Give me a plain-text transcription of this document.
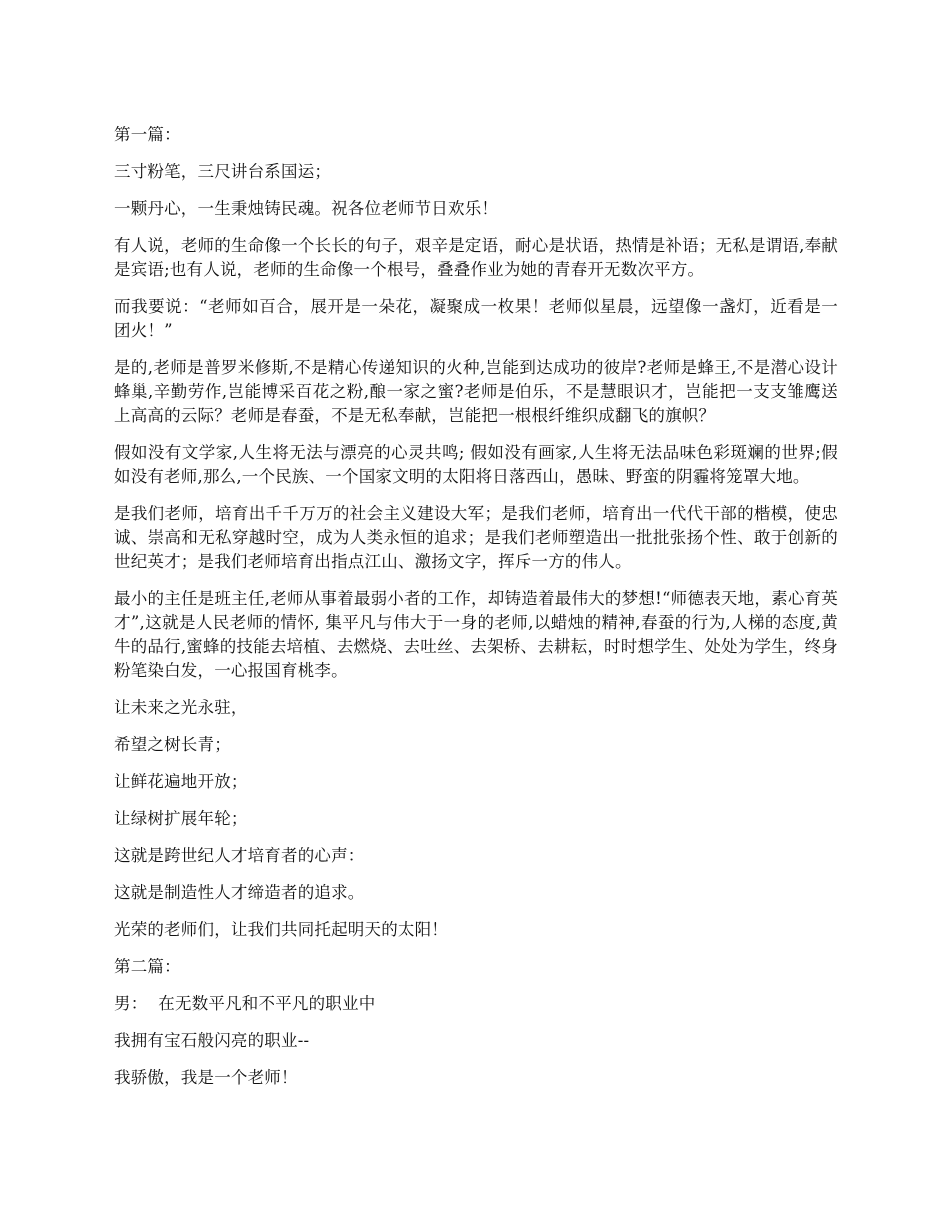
第一篇：

三寸粉笔，三尺讲台系国运；

一颗丹心，一生秉烛铸民魂。祝各位老师节日欢乐！

有人说，老师的生命像一个长长的句子，艰辛是定语，耐心是状语，热情是补语；无私是谓语,奉献是宾语;也有人说，老师的生命像一个根号，叠叠作业为她的青春开无数次平方。

而我要说：“老师如百合，展开是一朵花，凝聚成一枚果！老师似星晨，远望像一盏灯，近看是一团火！”

是的,老师是普罗米修斯,不是精心传递知识的火种,岂能到达成功的彼岸?老师是蜂王,不是潜心设计蜂巢,辛勤劳作,岂能博采百花之粉,酿一家之蜜?老师是伯乐，不是慧眼识才，岂能把一支支雏鹰送上高高的云际？老师是春蚕，不是无私奉献，岂能把一根根纤维织成翻飞的旗帜？

假如没有文学家,人生将无法与漂亮的心灵共鸣; 假如没有画家,人生将无法品味色彩斑斓的世界;假如没有老师,那么,一个民族、一个国家文明的太阳将日落西山，愚昧、野蛮的阴霾将笼罩大地。

是我们老师，培育出千千万万的社会主义建设大军；是我们老师，培育出一代代干部的楷模，使忠诚、崇高和无私穿越时空，成为人类永恒的追求；是我们老师塑造出一批批张扬个性、敢于创新的世纪英才；是我们老师培育出指点江山、激扬文字，挥斥一方的伟人。

最小的主任是班主任,老师从事着最弱小者的工作，却铸造着最伟大的梦想!“师德表天地，素心育英才”,这就是人民老师的情怀, 集平凡与伟大于一身的老师,以蜡烛的精神,春蚕的行为,人梯的态度,黄牛的品行,蜜蜂的技能去培植、去燃烧、去吐丝、去架桥、去耕耘，时时想学生、处处为学生，终身粉笔染白发，一心报国育桃李。

让未来之光永驻，

希望之树长青；

让鲜花遍地开放；

让绿树扩展年轮；

这就是跨世纪人才培育者的心声：

这就是制造性人才缔造者的追求。

光荣的老师们，让我们共同托起明天的太阳！

第二篇：

男：  在无数平凡和不平凡的职业中

我拥有宝石般闪亮的职业--

我骄傲，我是一个老师！
